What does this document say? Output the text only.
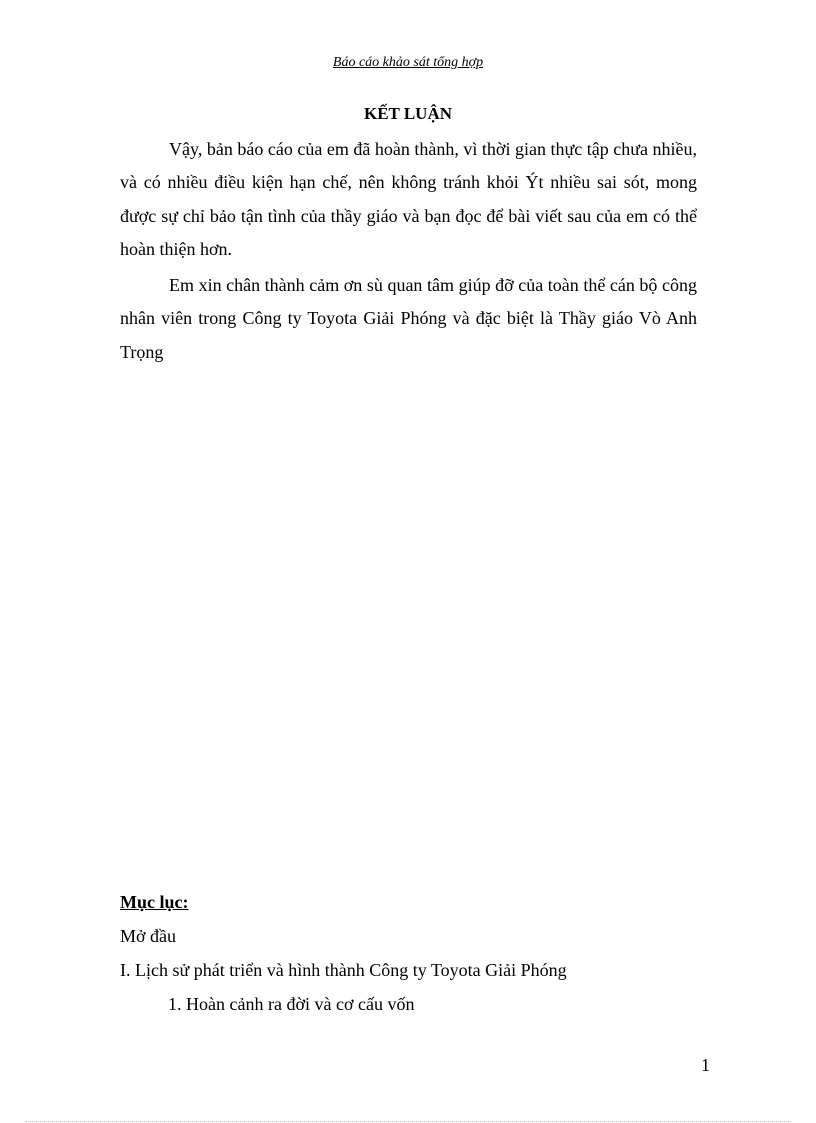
Báo cáo khảo sát tổng hợp
KẾT LUẬN

Vậy, bản báo cáo của em đã hoàn thành, vì thời gian thực tập chưa nhiều, và có nhiều điều kiện hạn chế, nên không tránh khỏi Ýt nhiều sai sót, mong được sự chỉ bảo tận tình của thầy giáo và bạn đọc để bài viết sau của em có thể hoàn thiện hơn.

Em xin chân thành cảm ơn sù quan tâm giúp đỡ của toàn thể cán bộ công nhân viên trong Công ty Toyota Giải Phóng và đặc biệt là Thầy giáo Vò Anh Trọng

Mục lục:
Mở đầu
I. Lịch sử phát triển và hình thành Công ty Toyota Giải Phóng
1. Hoàn cảnh ra đời và cơ cấu vốn
1
